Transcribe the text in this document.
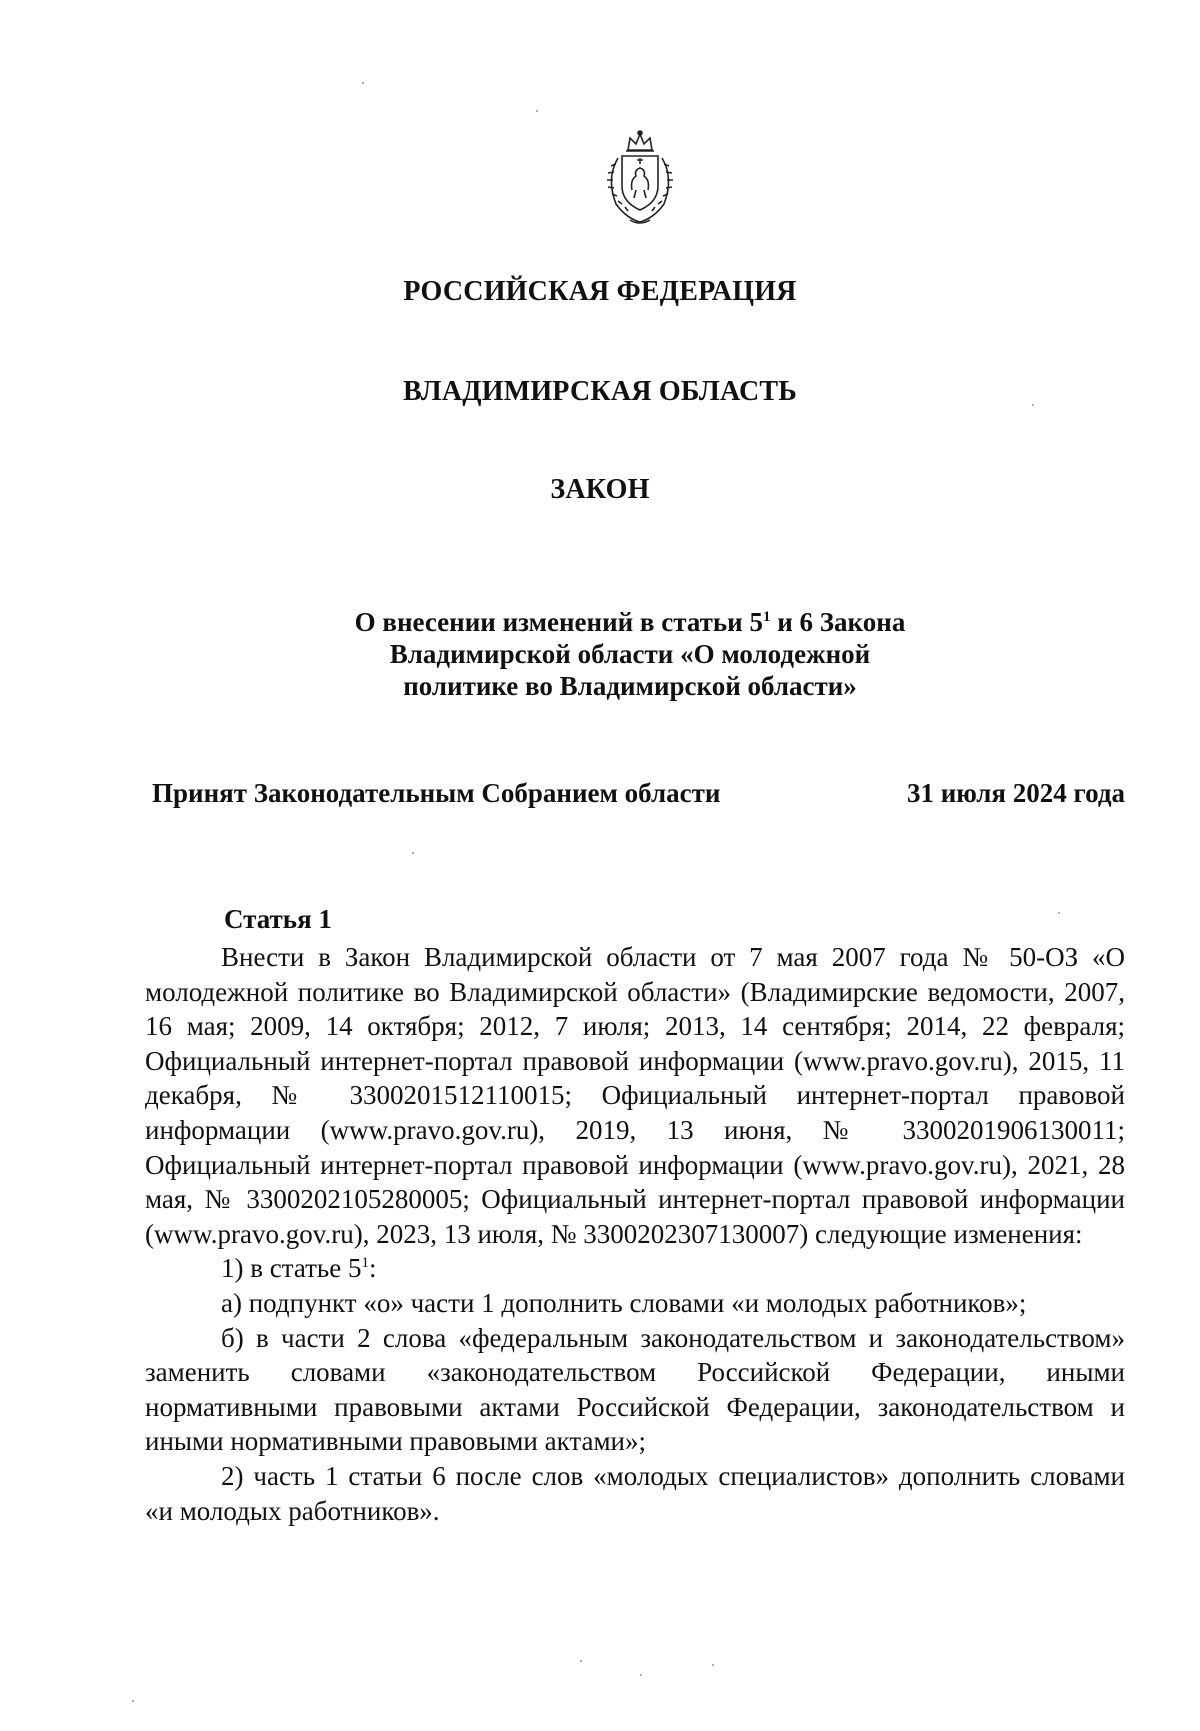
РОССИЙСКАЯ ФЕДЕРАЦИЯ
ВЛАДИМИРСКАЯ ОБЛАСТЬ
ЗАКОН
О внесении изменений в статьи $5^1$ и 6 Закона
Владимирской области «О молодежной
политике во Владимирской области»
Принят Законодательным Собранием области	31 июля 2024 года
Статья 1

Внести в Закон Владимирской области от 7 мая 2007 года № 50-ОЗ «О молодежной политике во Владимирской области» (Владимирские ведомости, 2007, 16 мая; 2009, 14 октября; 2012, 7 июля; 2013, 14 сентября; 2014, 22 февраля; Официальный интернет-портал правовой информации (www.pravo.gov.ru), 2015, 11 декабря, № 3300201512110015; Официальный интернет-портал правовой информации (www.pravo.gov.ru), 2019, 13 июня, № 3300201906130011; Официальный интернет-портал правовой информации (www.pravo.gov.ru), 2021, 28 мая, № 3300202105280005; Официальный интернет-портал правовой информации (www.pravo.gov.ru), 2023, 13 июля, № 3300202307130007) следующие изменения:

1) в статье $5^1$:

а) подпункт «о» части 1 дополнить словами «и молодых работников»;

б) в части 2 слова «федеральным законодательством и законодательством» заменить словами «законодательством Российской Федерации, иными нормативными правовыми актами Российской Федерации, законодательством и иными нормативными правовыми актами»;

2) часть 1 статьи 6 после слов «молодых специалистов» дополнить словами «и молодых работников».
